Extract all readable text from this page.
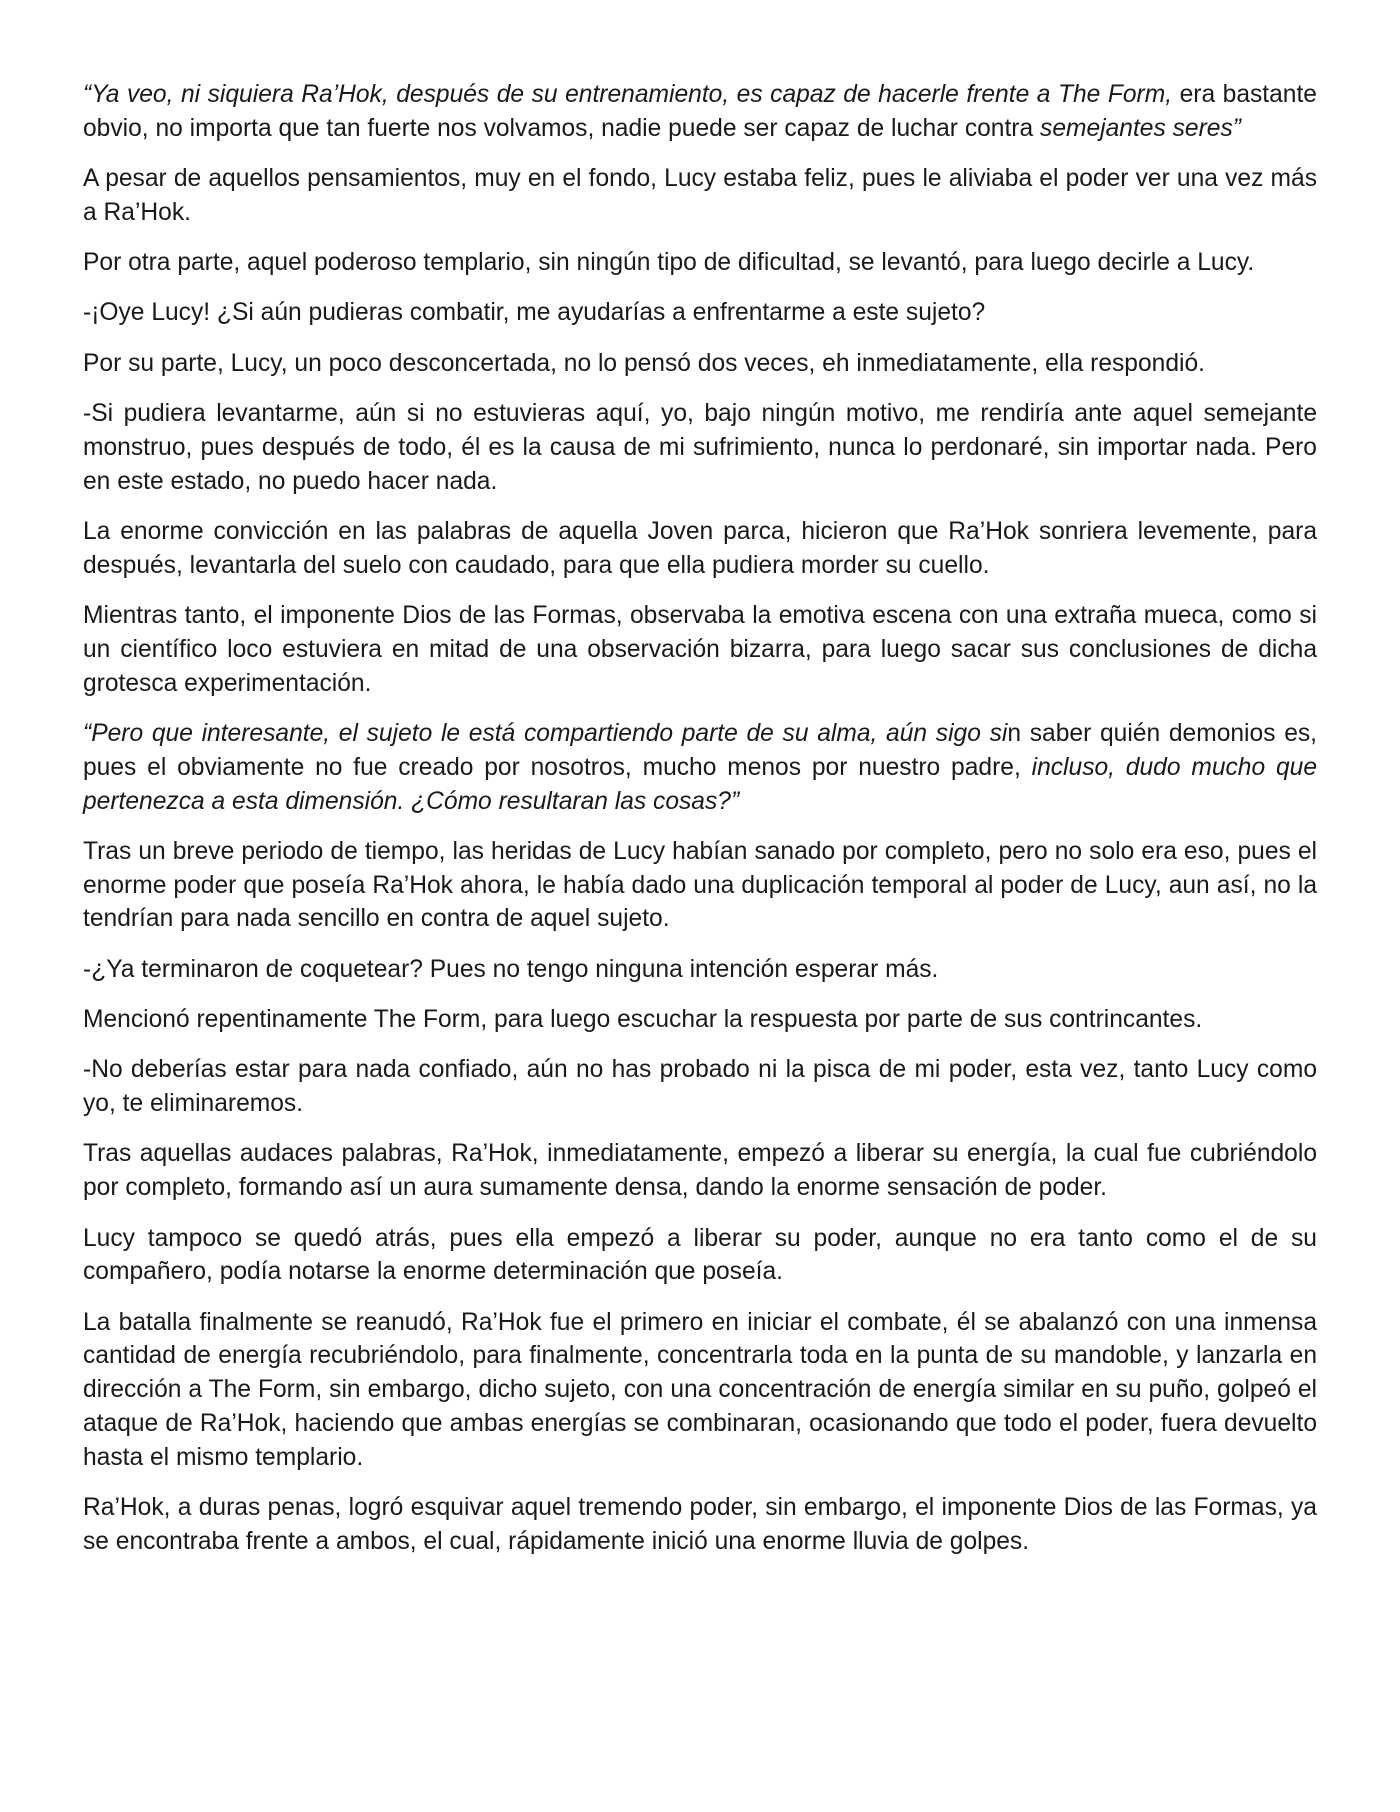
“Ya veo, ni siquiera Ra’Hok, después de su entrenamiento, es capaz de hacerle frente a The Form, era bastante obvio, no importa que tan fuerte nos volvamos, nadie puede ser capaz de luchar contra semejantes seres”

A pesar de aquellos pensamientos, muy en el fondo, Lucy estaba feliz, pues le aliviaba el poder ver una vez más a Ra’Hok.

Por otra parte, aquel poderoso templario, sin ningún tipo de dificultad, se levantó, para luego decirle a Lucy.

-¡Oye Lucy! ¿Si aún pudieras combatir, me ayudarías a enfrentarme a este sujeto?

Por su parte, Lucy, un poco desconcertada, no lo pensó dos veces, eh inmediatamente, ella respondió.

-Si pudiera levantarme, aún si no estuvieras aquí, yo, bajo ningún motivo, me rendiría ante aquel semejante monstruo, pues después de todo, él es la causa de mi sufrimiento, nunca lo perdonaré, sin importar nada. Pero en este estado, no puedo hacer nada.

La enorme convicción en las palabras de aquella Joven parca, hicieron que Ra’Hok sonriera levemente, para después, levantarla del suelo con caudado, para que ella pudiera morder su cuello.

Mientras tanto, el imponente Dios de las Formas, observaba la emotiva escena con una extraña mueca, como si un científico loco estuviera en mitad de una observación bizarra, para luego sacar sus conclusiones de dicha grotesca experimentación.

“Pero que interesante, el sujeto le está compartiendo parte de su alma, aún sigo sin saber quién demonios es, pues el obviamente no fue creado por nosotros, mucho menos por nuestro padre, incluso, dudo mucho que pertenezca a esta dimensión. ¿Cómo resultaran las cosas?”

Tras un breve periodo de tiempo, las heridas de Lucy habían sanado por completo, pero no solo era eso, pues el enorme poder que poseía Ra’Hok ahora, le había dado una duplicación temporal al poder de Lucy, aun así, no la tendrían para nada sencillo en contra de aquel sujeto.

-¿Ya terminaron de coquetear? Pues no tengo ninguna intención esperar más.

Mencionó repentinamente The Form, para luego escuchar la respuesta por parte de sus contrincantes.

-No deberías estar para nada confiado, aún no has probado ni la pisca de mi poder, esta vez, tanto Lucy como yo, te eliminaremos.

Tras aquellas audaces palabras, Ra’Hok, inmediatamente, empezó a liberar su energía, la cual fue cubriéndolo por completo, formando así un aura sumamente densa, dando la enorme sensación de poder.

Lucy tampoco se quedó atrás, pues ella empezó a liberar su poder, aunque no era tanto como el de su compañero, podía notarse la enorme determinación que poseía.

La batalla finalmente se reanudó, Ra’Hok fue el primero en iniciar el combate, él se abalanzó con una inmensa cantidad de energía recubriéndolo, para finalmente, concentrarla toda en la punta de su mandoble, y lanzarla en dirección a The Form, sin embargo, dicho sujeto, con una concentración de energía similar en su puño, golpeó el ataque de Ra’Hok, haciendo que ambas energías se combinaran, ocasionando que todo el poder, fuera devuelto hasta el mismo templario.

Ra’Hok, a duras penas, logró esquivar aquel tremendo poder, sin embargo, el imponente Dios de las Formas, ya se encontraba frente a ambos, el cual, rápidamente inició una enorme lluvia de golpes.
